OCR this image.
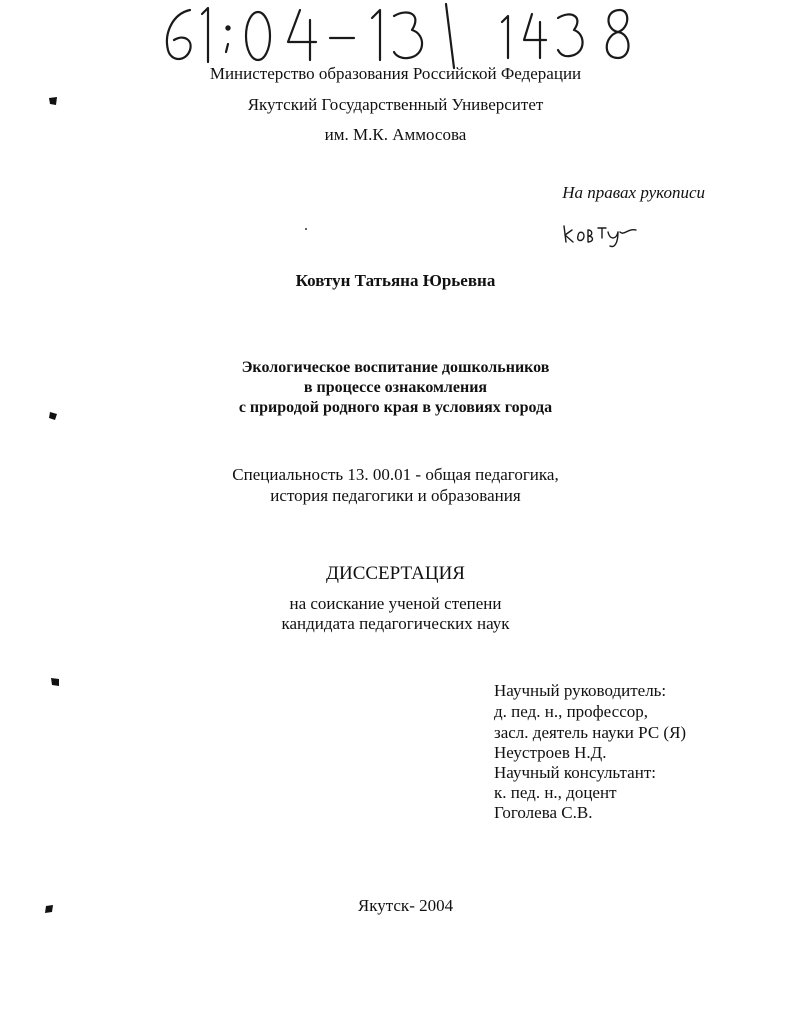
Министерство образования Российской Федерации
Якутский Государственный Университет
им. М.К. Аммосова
На правах рукописи
Ковтун Татьяна Юрьевна
Экологическое воспитание дошкольников
в процессе ознакомления
с природой родного края в условиях города
Специальность 13. 00.01 - общая педагогика,
история педагогики и образования
ДИССЕРТАЦИЯ
на соискание ученой степени
кандидата педагогических наук
Научный руководитель:
д. пед. н., профессор,
засл. деятель науки РС (Я)
Неустроев Н.Д.
Научный консультант:
к. пед. н., доцент
Гоголева С.В.
Якутск- 2004
